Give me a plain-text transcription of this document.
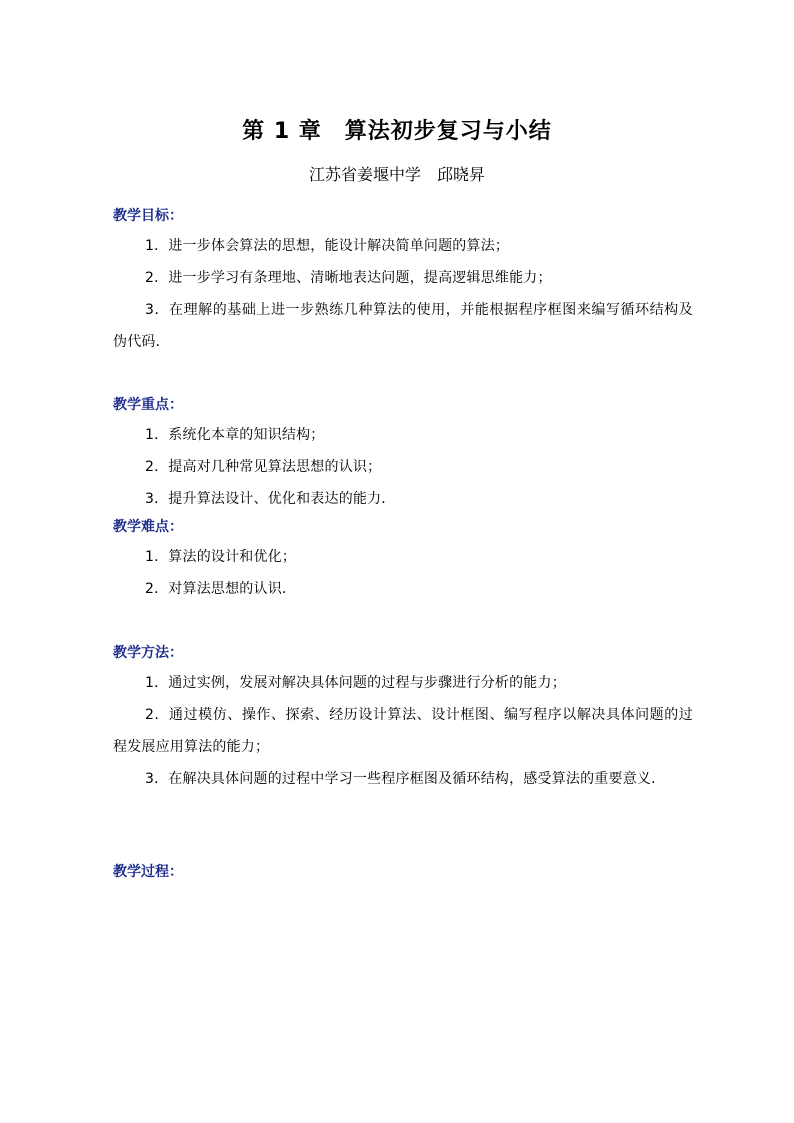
第 1 章　算法初步复习与小结
江苏省姜堰中学　邱晓昇
教学目标：
1．进一步体会算法的思想，能设计解决简单问题的算法；
2．进一步学习有条理地、清晰地表达问题，提高逻辑思维能力；
3．在理解的基础上进一步熟练几种算法的使用，并能根据程序框图来编写循环结构及伪代码．
教学重点：
1．系统化本章的知识结构；
2．提高对几种常见算法思想的认识；
3．提升算法设计、优化和表达的能力．
教学难点：
1．算法的设计和优化；
2．对算法思想的认识．
教学方法：
1．通过实例，发展对解决具体问题的过程与步骤进行分析的能力；
2．通过模仿、操作、探索、经历设计算法、设计框图、编写程序以解决具体问题的过程发展应用算法的能力；
3．在解决具体问题的过程中学习一些程序框图及循环结构，感受算法的重要意义．
教学过程：
